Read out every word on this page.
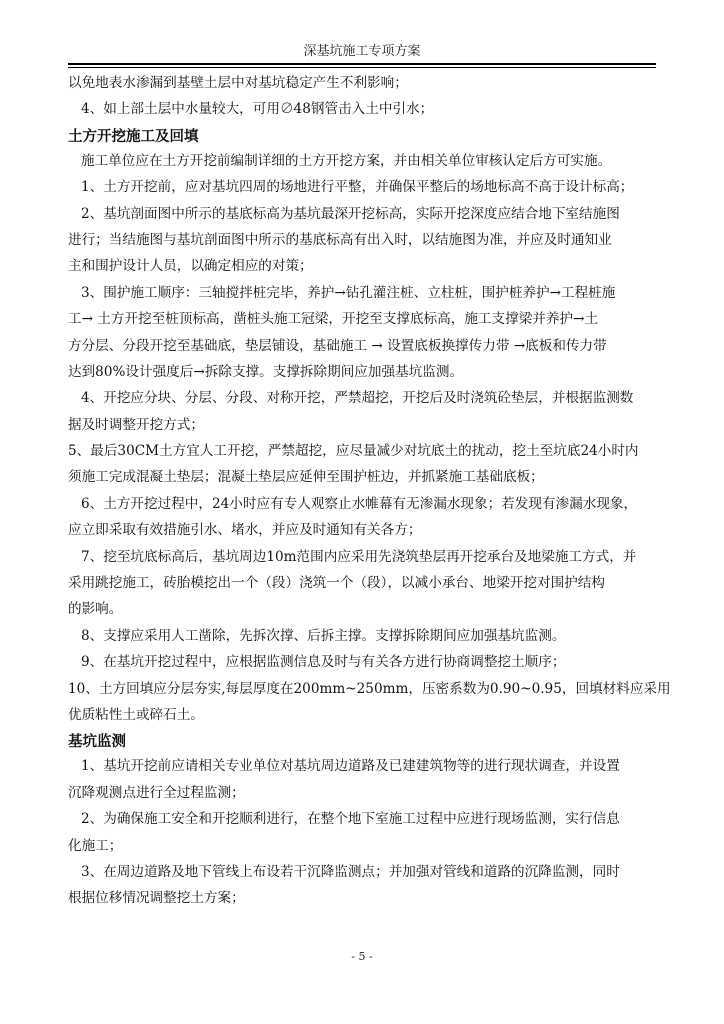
深基坑施工专项方案
以免地表水渗漏到基壁土层中对基坑稳定产生不利影响；
4、如上部土层中水量较大，可用∅48钢管击入土中引水；
土方开挖施工及回填
施工单位应在土方开挖前编制详细的土方开挖方案，并由相关单位审核认定后方可实施。
1、土方开挖前，应对基坑四周的场地进行平整，并确保平整后的场地标高不高于设计标高；
2、基坑剖面图中所示的基底标高为基坑最深开挖标高，实际开挖深度应结合地下室结施图
进行；当结施图与基坑剖面图中所示的基底标高有出入时，以结施图为准，并应及时通知业
主和围护设计人员，以确定相应的对策；
3、围护施工顺序：三轴搅拌桩完毕，养护→钻孔灌注桩、立柱桩，围护桩养护→工程桩施
工→ 土方开挖至桩顶标高，凿桩头施工冠梁，开挖至支撑底标高，施工支撑梁并养护→土
方分层、分段开挖至基础底，垫层铺设，基础施工 → 设置底板换撑传力带 →底板和传力带
达到80%设计强度后→拆除支撑。支撑拆除期间应加强基坑监测。
4、开挖应分块、分层、分段、对称开挖，严禁超挖，开挖后及时浇筑砼垫层，并根据监测数
据及时调整开挖方式；
5、最后30CM土方宜人工开挖，严禁超挖，应尽量减少对坑底土的扰动，挖土至坑底24小时内
须施工完成混凝土垫层；混凝土垫层应延伸至围护桩边，并抓紧施工基础底板；
6、土方开挖过程中，24小时应有专人观察止水帷幕有无渗漏水现象；若发现有渗漏水现象，
应立即采取有效措施引水、堵水，并应及时通知有关各方；
7、挖至坑底标高后，基坑周边10m范围内应采用先浇筑垫层再开挖承台及地梁施工方式，并
采用跳挖施工，砖胎模挖出一个（段）浇筑一个（段），以减小承台、地梁开挖对围护结构
的影响。
8、支撑应采用人工凿除，先拆次撑、后拆主撑。支撑拆除期间应加强基坑监测。
9、在基坑开挖过程中，应根据监测信息及时与有关各方进行协商调整挖土顺序；
10、土方回填应分层夯实,每层厚度在200mm~250mm，压密系数为0.90~0.95，回填材料应采用
优质粘性土或碎石土。
基坑监测
1、基坑开挖前应请相关专业单位对基坑周边道路及已建建筑物等的进行现状调查，并设置
沉降观测点进行全过程监测；
2、为确保施工安全和开挖顺利进行，在整个地下室施工过程中应进行现场监测，实行信息
化施工；
3、在周边道路及地下管线上布设若干沉降监测点；并加强对管线和道路的沉降监测，同时
根据位移情况调整挖土方案；
- 5 -
